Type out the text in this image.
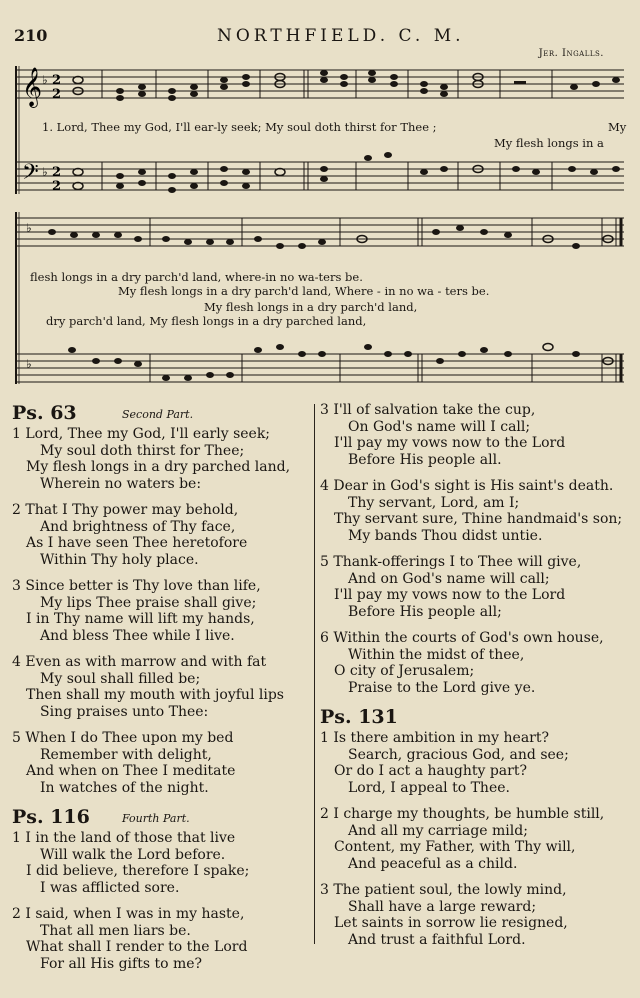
210	NORTHFIELD. C. M.
Jer. Ingalls.
𝄞
𝄢
♭
♭
2
2
2
2
1. Lord, Thee my God, I'll ear-ly seek; My soul doth thirst for Thee ;	My
My flesh longs in a
♭
♭
flesh longs in a dry parch'd land, where-in no wa-ters be.
My flesh longs in a dry parch'd land, Where - in no wa - ters be.
My flesh longs in a dry parch'd land,
dry parch'd land, My flesh longs in a dry parched land,
Ps. 63	Second Part.
1 Lord, Thee my God, I'll early seek;
My soul doth thirst for Thee;
My flesh longs in a dry parched land,
Wherein no waters be:
2 That I Thy power may behold,
And brightness of Thy face,
As I have seen Thee heretofore
Within Thy holy place.
3 Since better is Thy love than life,
My lips Thee praise shall give;
I in Thy name will lift my hands,
And bless Thee while I live.
4 Even as with marrow and with fat
My soul shall filled be;
Then shall my mouth with joyful lips
Sing praises unto Thee:
5 When I do Thee upon my bed
Remember with delight,
And when on Thee I meditate
In watches of the night.
Ps. 116	Fourth Part.
1 I in the land of those that live
Will walk the Lord before.
I did believe, therefore I spake;
I was afflicted sore.
2 I said, when I was in my haste,
That all men liars be.
What shall I render to the Lord
For all His gifts to me?
3 I'll of salvation take the cup,
On God's name will I call;
I'll pay my vows now to the Lord
Before His people all.
4 Dear in God's sight is His saint's death.
Thy servant, Lord, am I;
Thy servant sure, Thine handmaid's son;
My bands Thou didst untie.
5 Thank-offerings I to Thee will give,
And on God's name will call;
I'll pay my vows now to the Lord
Before His people all;
6 Within the courts of God's own house,
Within the midst of thee,
O city of Jerusalem;
Praise to the Lord give ye.
Ps. 131
1 Is there ambition in my heart?
Search, gracious God, and see;
Or do I act a haughty part?
Lord, I appeal to Thee.
2 I charge my thoughts, be humble still,
And all my carriage mild;
Content, my Father, with Thy will,
And peaceful as a child.
3 The patient soul, the lowly mind,
Shall have a large reward;
Let saints in sorrow lie resigned,
And trust a faithful Lord.
